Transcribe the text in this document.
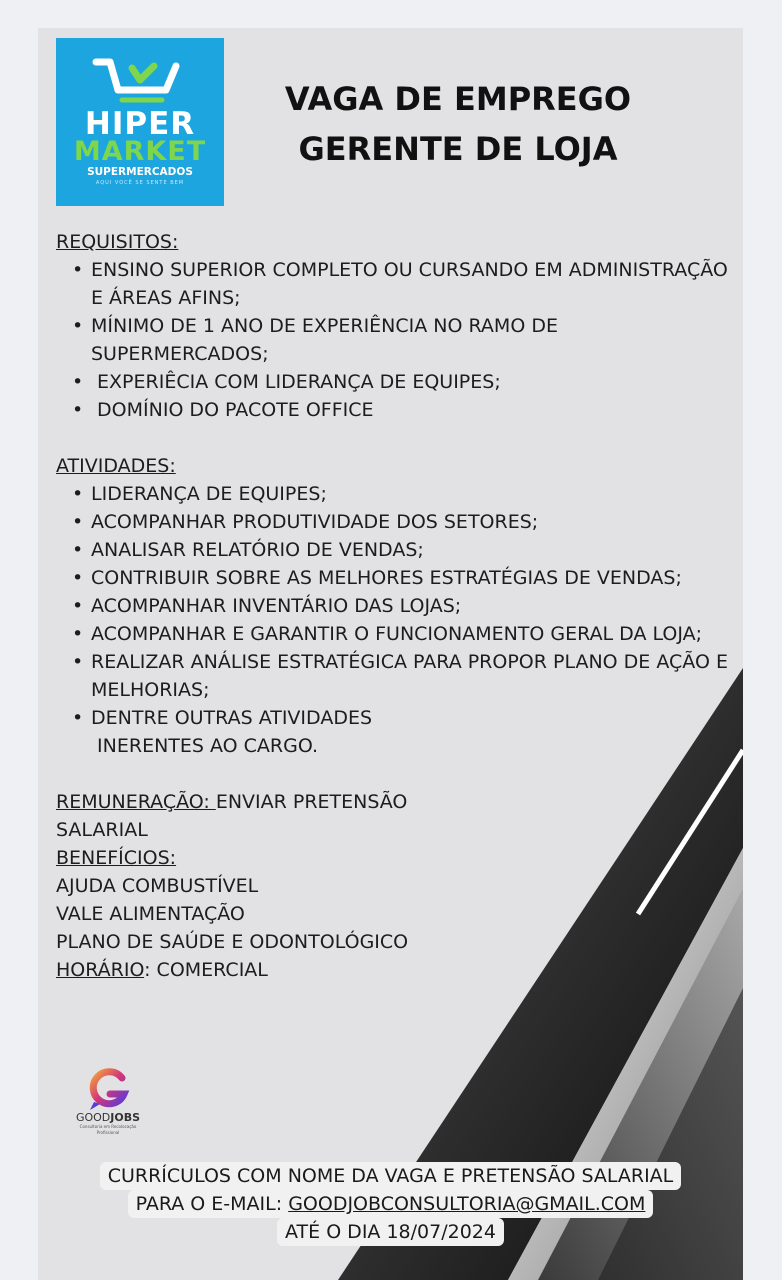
HIPER
MARKET
SUPERMERCADOS
AQUI VOCÊ SE SENTE BEM
VAGA DE EMPREGO
GERENTE DE LOJA
REQUISITOS:
• ENSINO SUPERIOR COMPLETO OU CURSANDO EM ADMINISTRAÇÃO E ÁREAS AFINS;
• MÍNIMO DE 1 ANO DE EXPERIÊNCIA NO RAMO DE SUPERMERCADOS;
•  EXPERIÊCIA COM LIDERANÇA DE EQUIPES;
•  DOMÍNIO DO PACOTE OFFICE
ATIVIDADES:
• LIDERANÇA DE EQUIPES;
• ACOMPANHAR PRODUTIVIDADE DOS SETORES;
• ANALISAR RELATÓRIO DE VENDAS;
• CONTRIBUIR SOBRE AS MELHORES ESTRATÉGIAS DE VENDAS;
• ACOMPANHAR INVENTÁRIO DAS LOJAS;
• ACOMPANHAR E GARANTIR O FUNCIONAMENTO GERAL DA LOJA;
• REALIZAR ANÁLISE ESTRATÉGICA PARA PROPOR PLANO DE AÇÃO E MELHORIAS;
• DENTRE OUTRAS ATIVIDADES
INERENTES AO CARGO.
REMUNERAÇÃO: ENVIAR PRETENSÃO
SALARIAL
BENEFÍCIOS:
AJUDA COMBUSTÍVEL
VALE ALIMENTAÇÃO
PLANO DE SAÚDE E ODONTOLÓGICO
HORÁRIO: COMERCIAL
GOODJOBS
Consultoria em Recolocação Profissional
CURRÍCULOS COM NOME DA VAGA E PRETENSÃO SALARIAL
PARA O E-MAIL: GOODJOBCONSULTORIA@GMAIL.COM
ATÉ O DIA 18/07/2024
